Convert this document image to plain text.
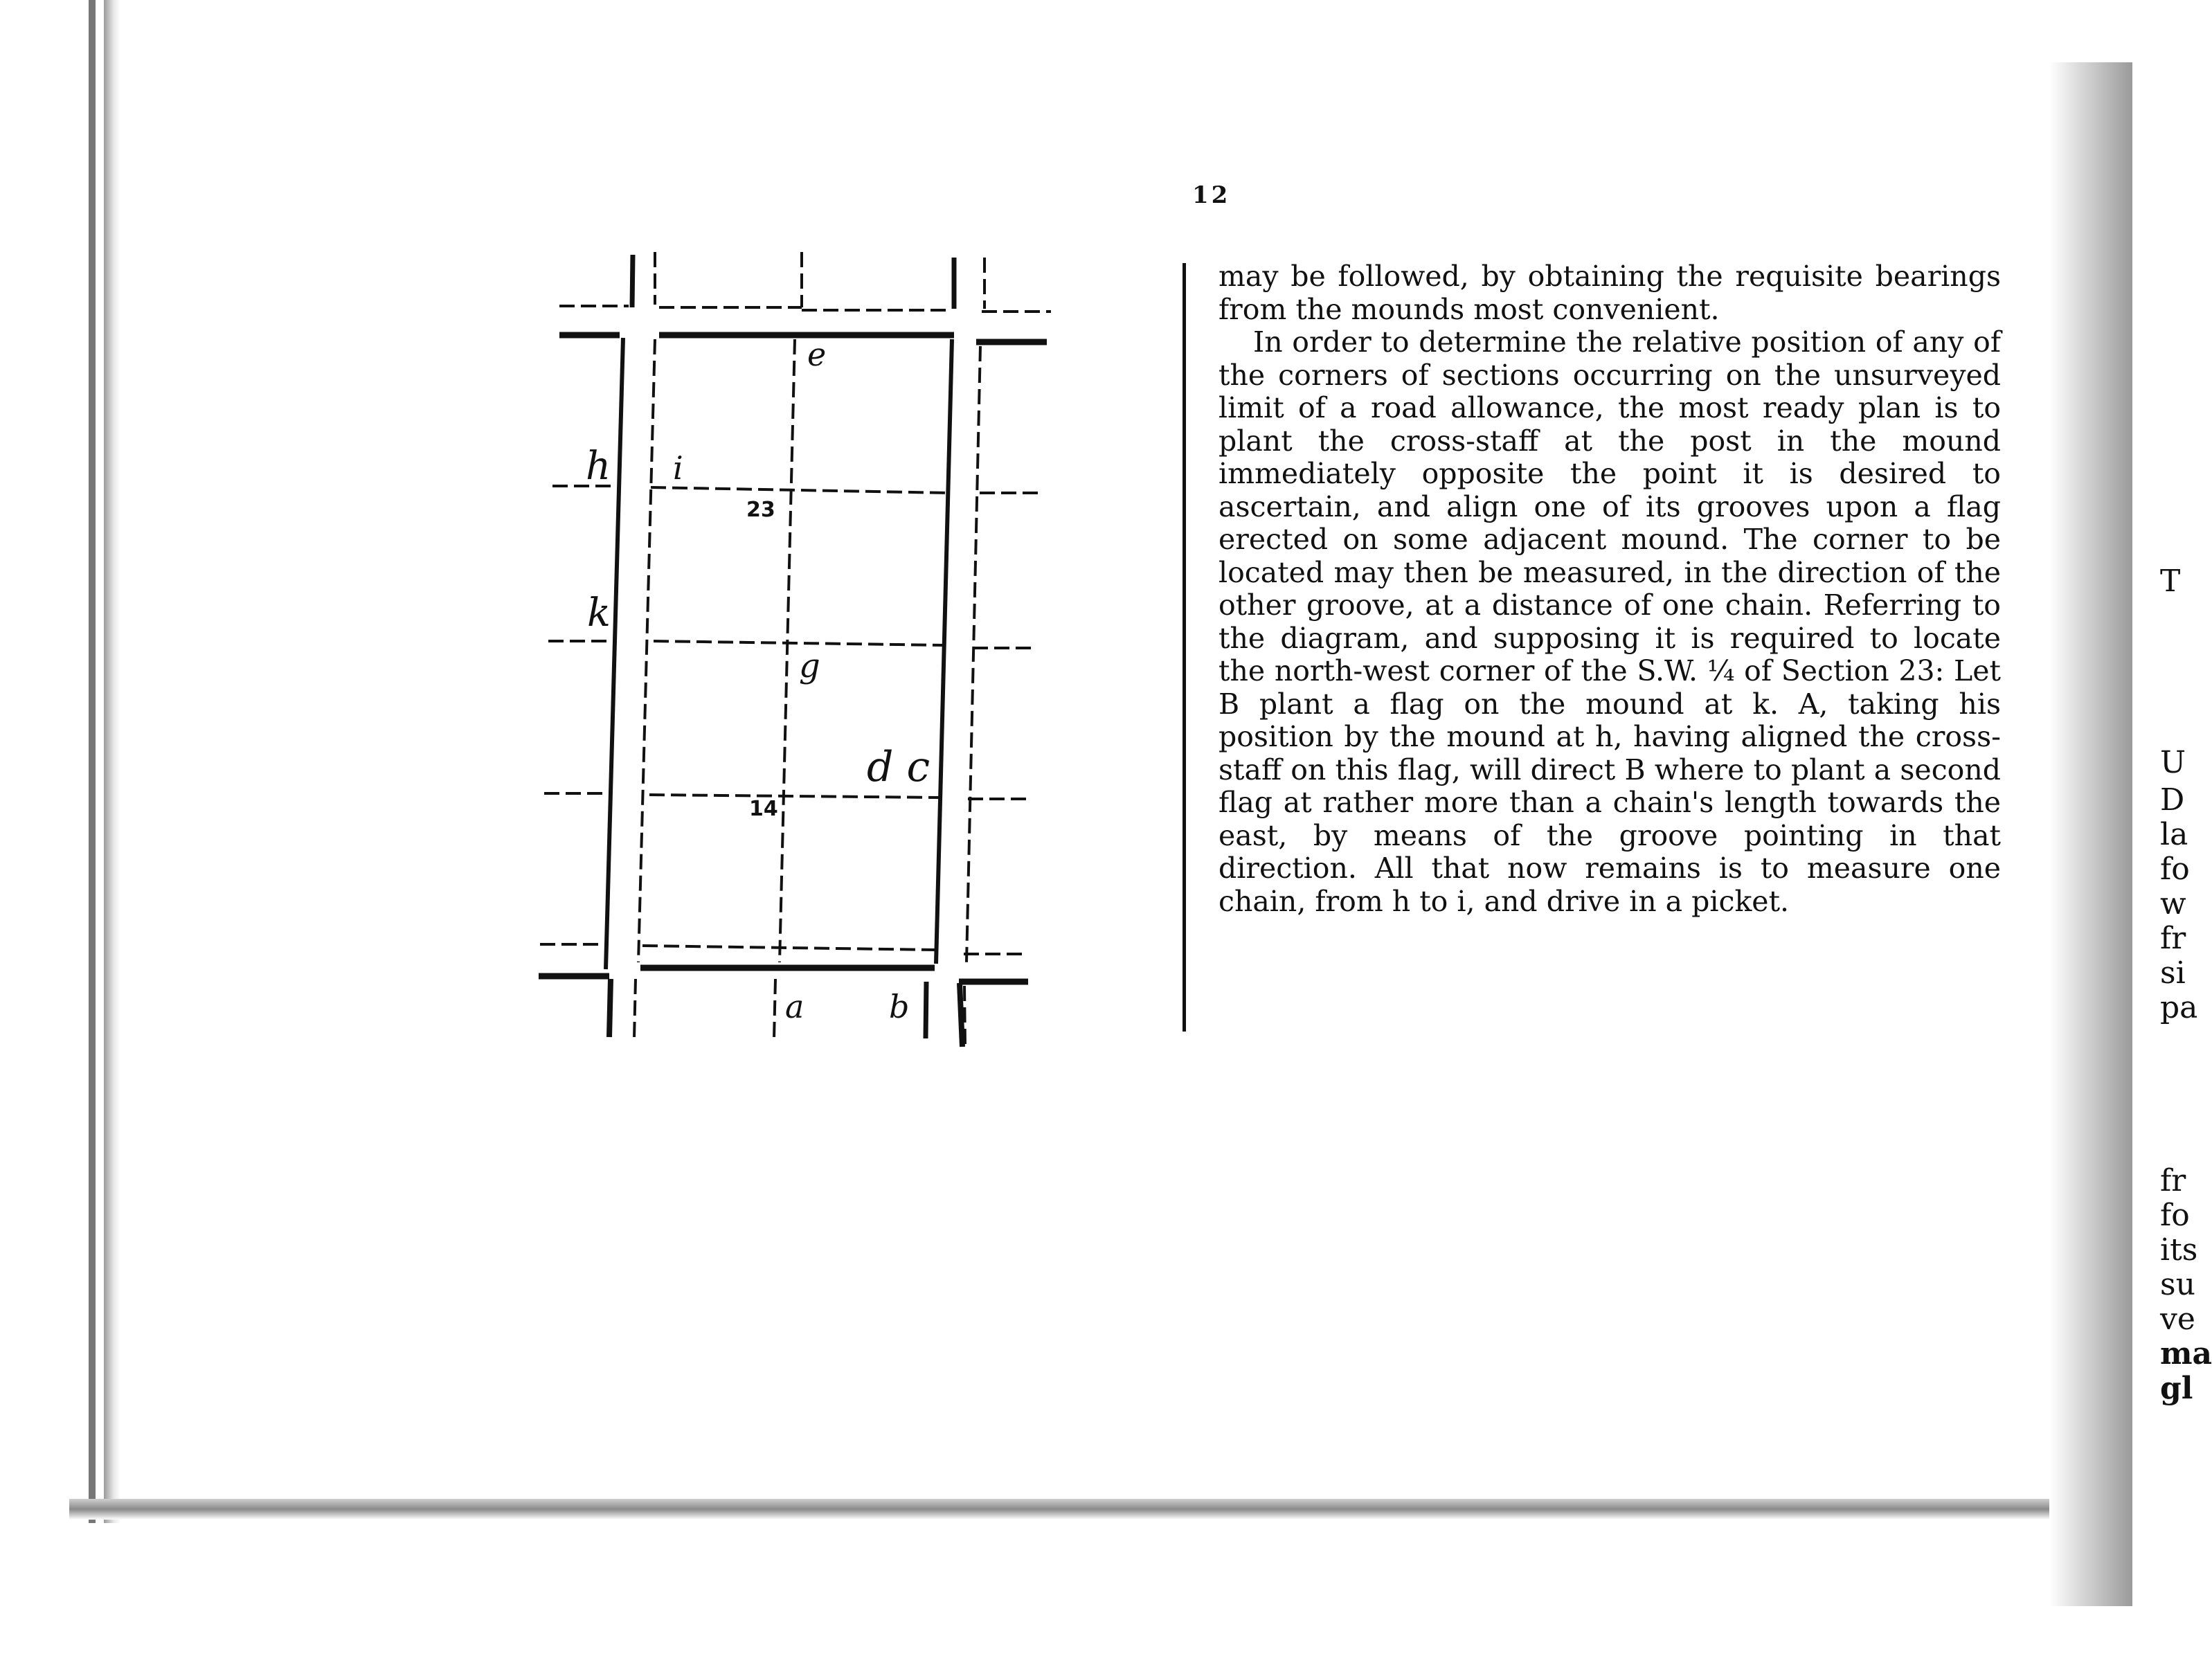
T
U
D
la
fo
w
fr
si
pa
fr
fo
its
su
ve
ma
gl
12
e
h i
k
g
d c
a	b
23
14

may be followed, by obtaining the requisite bearings from the mounds most convenient.

In order to determine the relative position of any of the corners of sections occurring on the unsurveyed limit of a road allowance, the most ready plan is to plant the cross-staff at the post in the mound immediately opposite the point it is desired to ascertain, and align one of its grooves upon a flag erected on some adjacent mound. The corner to be located may then be measured, in the direction of the other groove, at a distance of one chain. Referring to the diagram, and supposing it is required to locate the north-west corner of the S.W. ¼ of Section 23: Let B plant a flag on the mound at k. A, taking his position by the mound at h, having aligned the cross-staff on this flag, will direct B where to plant a second flag at rather more than a chain's length towards the east, by means of the groove pointing in that direction. All that now remains is to measure one chain, from h to i, and drive in a picket.
